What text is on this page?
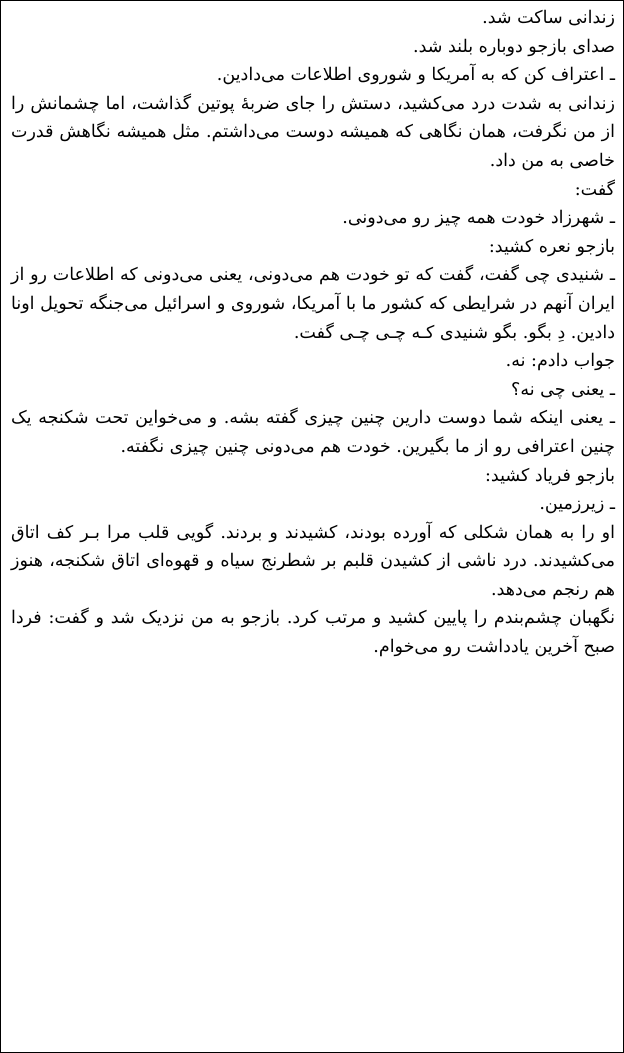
زندانی ساکت شد.

صدای بازجو دوباره بلند شد.

ـ اعتراف کن که به آمریکا و شوروی اطلاعات می‌دادین.

زندانی به شدت درد می‌کشید، دستش را جای ضربهٔ پوتین گذاشت، اما چشمانش را از من نگرفت، همان نگاهی که همیشه دوست می‌داشتم. مثل همیشه نگاهش قدرت خاصی به من داد.

گفت:

ـ شهرزاد خودت همه چیز رو می‌دونی.

بازجو نعره کشید:

ـ شنیدی چی گفت، گفت که تو خودت هم می‌دونی، یعنی می‌دونی که اطلاعات رو از ایران آنهم در شرایطی که کشور ما با آمریکا، شوروی و اسرائیل می‌جنگه تحویل اونا دادین. دِ بگو. بگو شنیدی کـه چـی چـی گفت.

جواب دادم: نه.

ـ یعنی چی نه؟

ـ یعنی اینکه شما دوست دارین چنین چیزی گفته بشه. و می‌خواین تحت شکنجه یک چنین اعترافی رو از ما بگیرین. خودت هم می‌دونی چنین چیزی نگفته.

بازجو فریاد کشید:

ـ زیرزمین.

او را به همان شکلی که آورده بودند، کشیدند و بردند. گویی قلب مرا بـر کف اتاق می‌کشیدند. درد ناشی از کشیدن قلبم بر شطرنج سیاه و قهوه‌ای اتاق شکنجه، هنوز هم رنجم می‌دهد.

نگهبان چشم‌بندم را پایین کشید و مرتب کرد. بازجو به من نزدیک شد و گفت: فردا صبح آخرین یادداشت رو می‌خوام.
